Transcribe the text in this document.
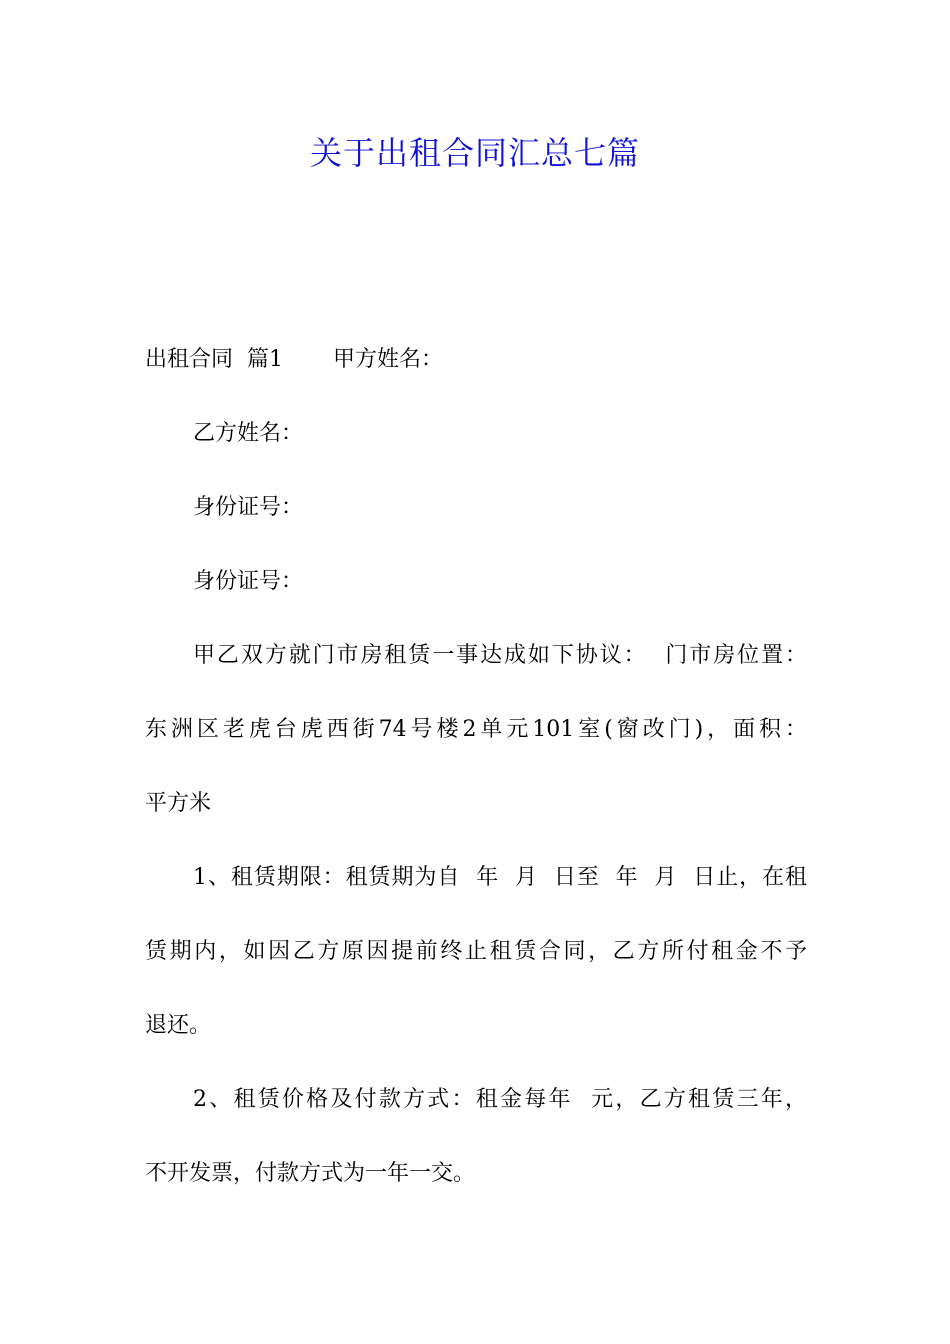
关于出租合同汇总七篇
出租合同  篇1 甲方姓名：
乙方姓名：
身份证号：
身份证号：
甲乙双方就门市房租赁一事达成如下协议：  门市房位置：
东洲区老虎台虎西街74号楼2单元101室(窗改门)，面积：
平方米
1、租赁期限：租赁期为自  年  月  日至  年  月  日止，在租
赁期内，如因乙方原因提前终止租赁合同，乙方所付租金不予
退还。
2、租赁价格及付款方式：租金每年  元，乙方租赁三年，
不开发票，付款方式为一年一交。
